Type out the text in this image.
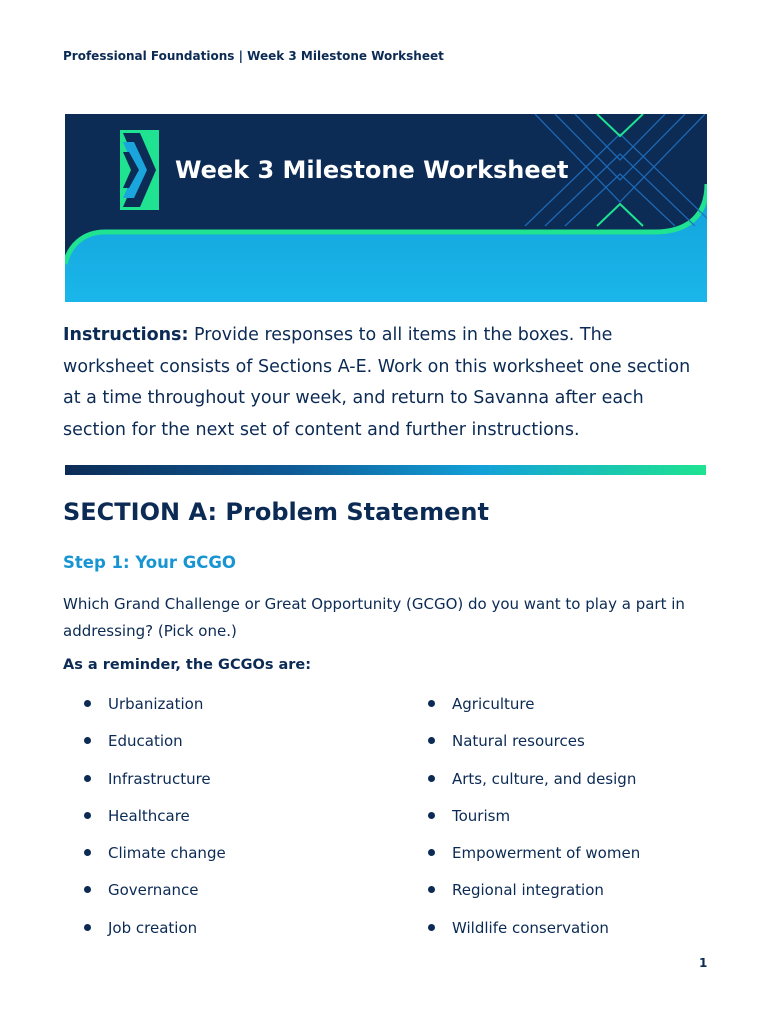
Professional Foundations | Week 3 Milestone Worksheet
Week 3 Milestone Worksheet

Instructions: Provide responses to all items in the boxes. The worksheet consists of Sections A-E. Work on this worksheet one section at a time throughout your week, and return to Savanna after each section for the next set of content and further instructions.

SECTION A: Problem Statement
Step 1: Your GCGO

Which Grand Challenge or Great Opportunity (GCGO) do you want to play a part in addressing? (Pick one.)

As a reminder, the GCGOs are:

Urbanization
Education
Infrastructure
Healthcare
Climate change
Governance
Job creation
Agriculture
Natural resources
Arts, culture, and design
Tourism
Empowerment of women
Regional integration
Wildlife conservation
1
